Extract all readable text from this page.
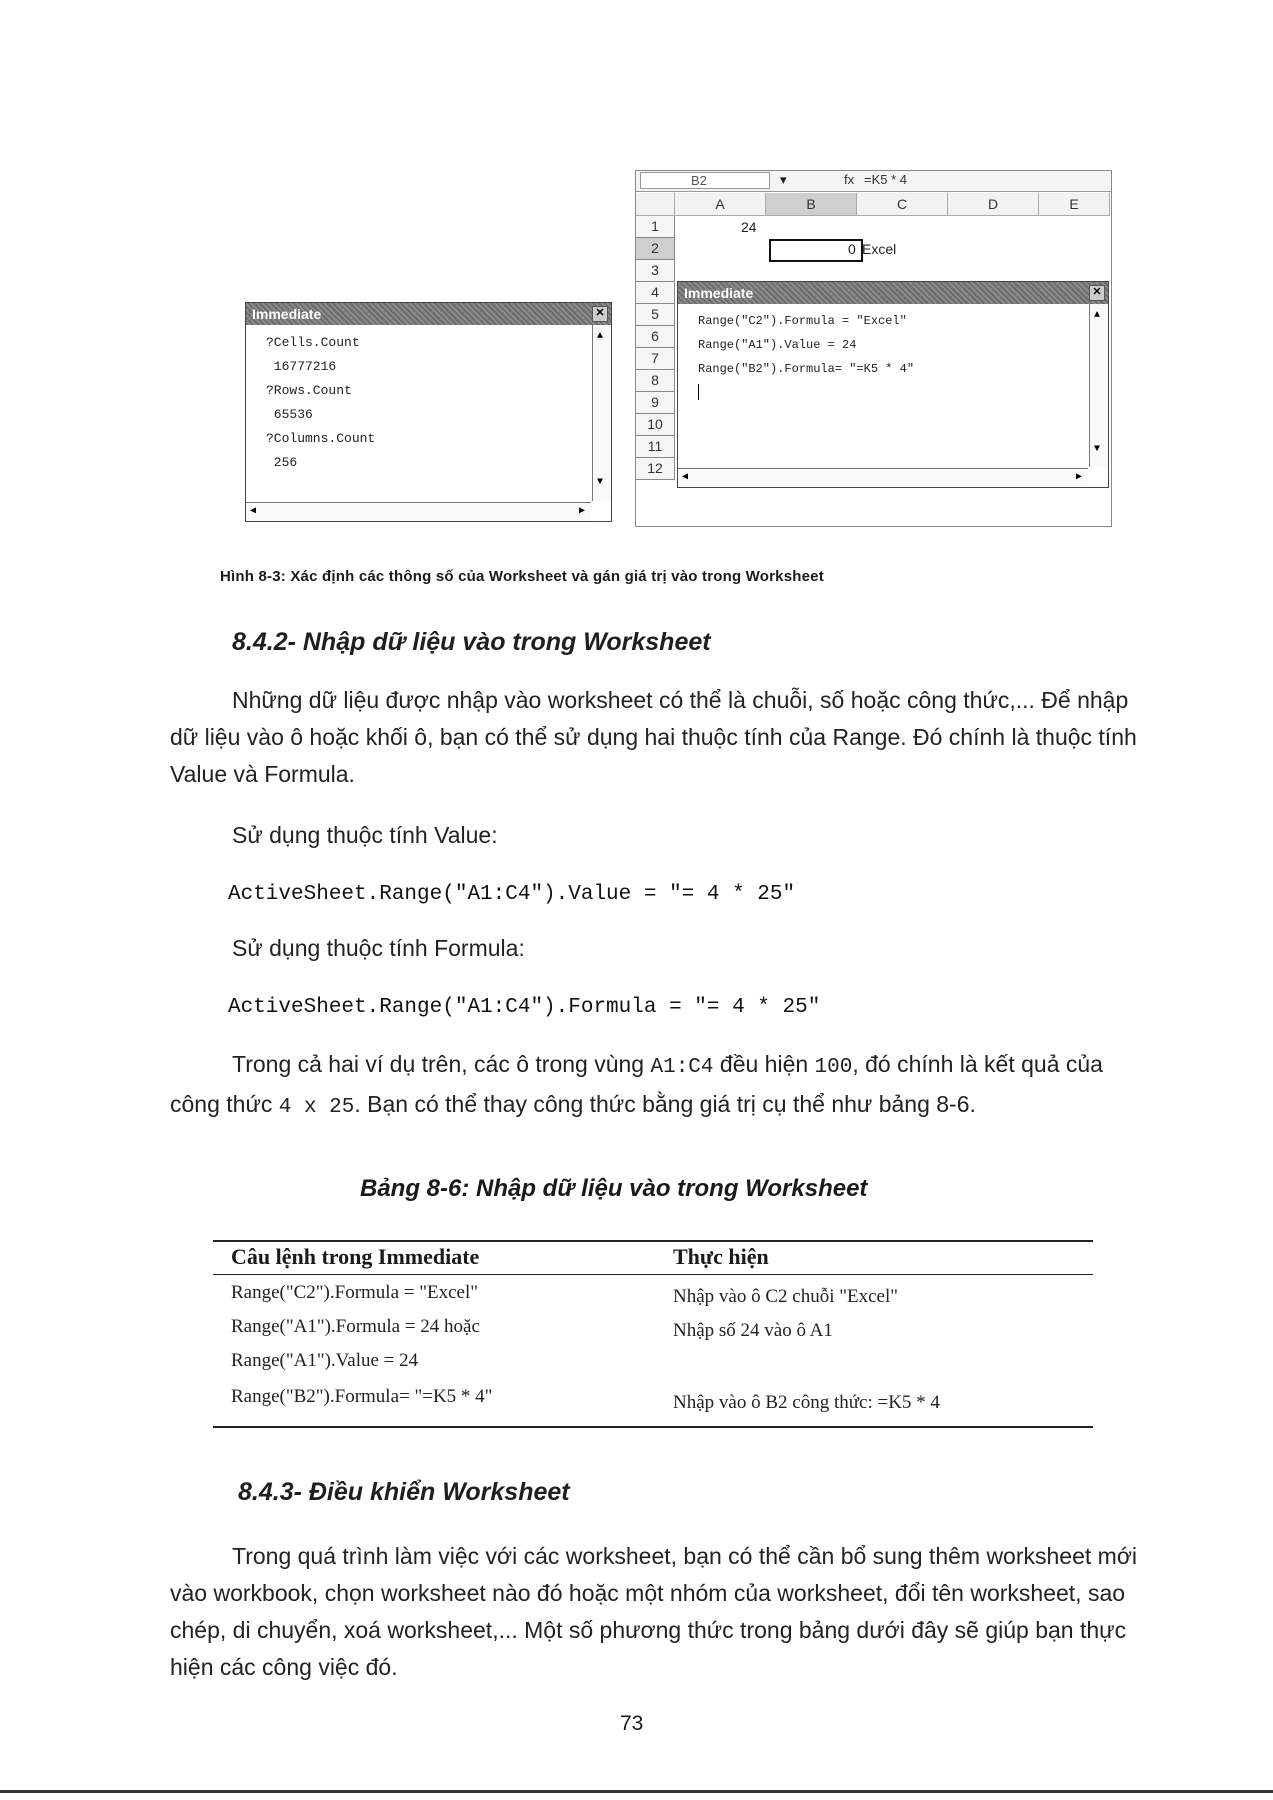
Immediate	✕
?Cells.Count
16777216
?Rows.Count
65536
?Columns.Count
256
▲
▼
◀	▶
B2	▾	fx =K5 * 4
A	B	C	D	E
1
2
3
4
5
6
7
8
9
10
11
12
24
0 Excel
Immediate	✕
Range("C2").Formula = "Excel"
Range("A1").Value = 24
Range("B2").Formula= "=K5 * 4"
▲
▼
◀	▶
Hình 8-3: Xác định các thông số của Worksheet và gán giá trị vào trong Worksheet
8.4.2- Nhập dữ liệu vào trong Worksheet
Những dữ liệu được nhập vào worksheet có thể là chuỗi, số hoặc công thức,... Để nhập dữ liệu vào ô hoặc khối ô, bạn có thể sử dụng hai thuộc tính của Range. Đó chính là thuộc tính Value và Formula.
Sử dụng thuộc tính Value:
ActiveSheet.Range("A1:C4").Value = "= 4 * 25"
Sử dụng thuộc tính Formula:
ActiveSheet.Range("A1:C4").Formula = "= 4 * 25"
Trong cả hai ví dụ trên, các ô trong vùng A1:C4 đều hiện 100, đó chính là kết quả của công thức 4 x 25. Bạn có thể thay công thức bằng giá trị cụ thể như bảng 8-6.
Bảng 8-6: Nhập dữ liệu vào trong Worksheet
Câu lệnh trong Immediate	Thực hiện
Range("C2").Formula = "Excel"	Nhập vào ô C2 chuỗi "Excel"
Range("A1").Formula = 24 hoặc
Range("A1").Value = 24
Nhập số 24 vào ô A1
Range("B2").Formula= "=K5 * 4"	Nhập vào ô B2 công thức: =K5 * 4
8.4.3- Điều khiển Worksheet
Trong quá trình làm việc với các worksheet, bạn có thể cần bổ sung thêm worksheet mới vào workbook, chọn worksheet nào đó hoặc một nhóm của worksheet, đổi tên worksheet, sao chép, di chuyển, xoá worksheet,... Một số phương thức trong bảng dưới đây sẽ giúp bạn thực hiện các công việc đó.
73
